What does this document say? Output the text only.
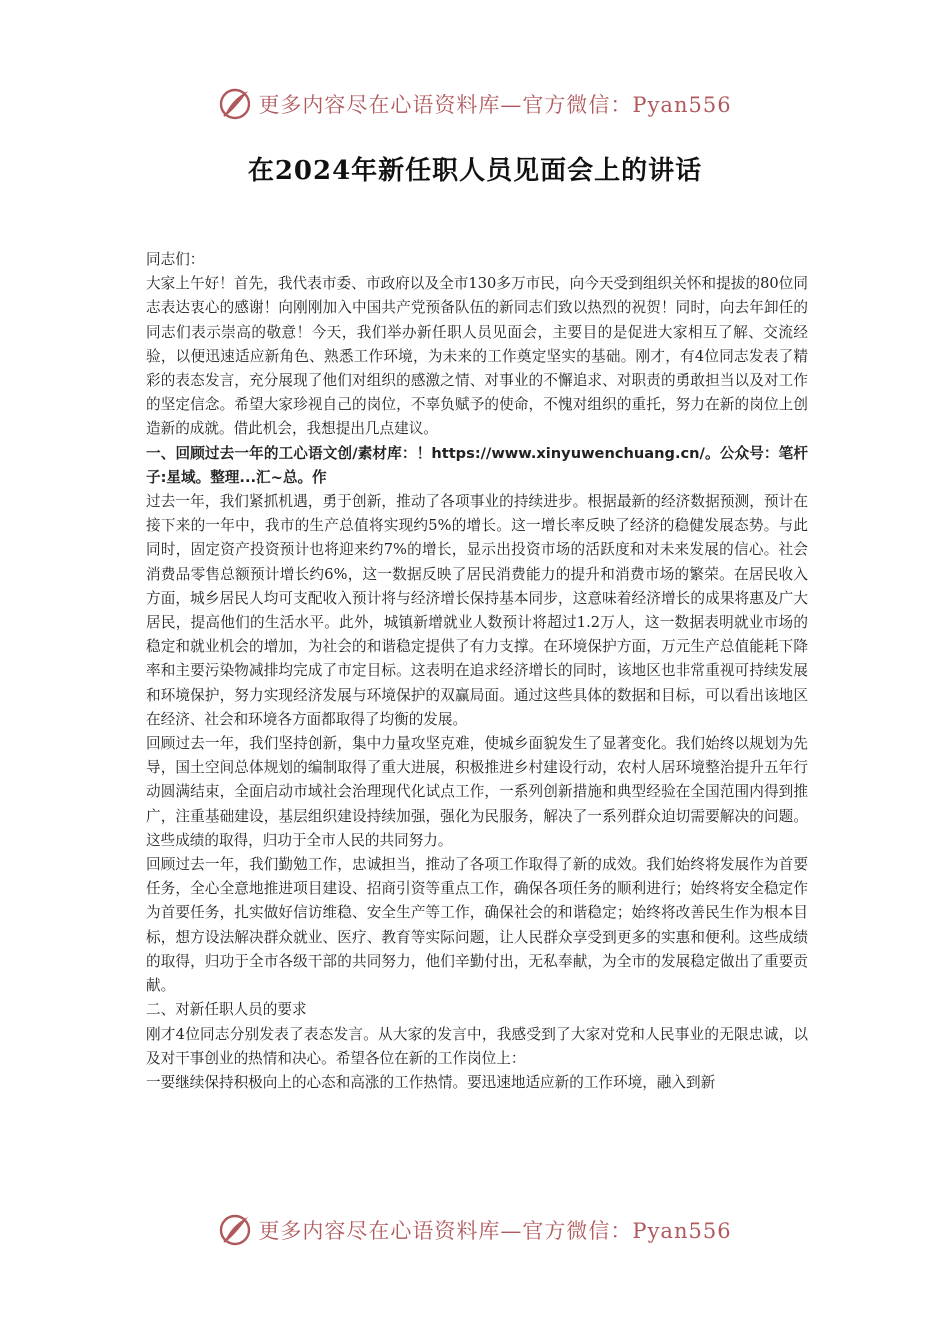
更多内容尽在心语资料库—官方微信：Pyan556
在2024年新任职人员见面会上的讲话

同志们：

大家上午好！首先，我代表市委、市政府以及全市130多万市民，向今天受到组织关怀和提拔的80位同志表达衷心的感谢！向刚刚加入中国共产党预备队伍的新同志们致以热烈的祝贺！同时，向去年卸任的同志们表示崇高的敬意！今天，我们举办新任职人员见面会，主要目的是促进大家相互了解、交流经验，以便迅速适应新角色、熟悉工作环境，为未来的工作奠定坚实的基础。刚才，有4位同志发表了精彩的表态发言，充分展现了他们对组织的感激之情、对事业的不懈追求、对职责的勇敢担当以及对工作的坚定信念。希望大家珍视自己的岗位，不辜负赋予的使命，不愧对组织的重托，努力在新的岗位上创造新的成就。借此机会，我想提出几点建议。

一、回顾过去一年的工心语文创/素材库：！https://www.xinyuwenchuang.cn/。公众号：笔杆子:星域。整理...汇~总。作

过去一年，我们紧抓机遇，勇于创新，推动了各项事业的持续进步。根据最新的经济数据预测，预计在接下来的一年中，我市的生产总值将实现约5%的增长。这一增长率反映了经济的稳健发展态势。与此同时，固定资产投资预计也将迎来约7%的增长，显示出投资市场的活跃度和对未来发展的信心。社会消费品零售总额预计增长约6%，这一数据反映了居民消费能力的提升和消费市场的繁荣。在居民收入方面，城乡居民人均可支配收入预计将与经济增长保持基本同步，这意味着经济增长的成果将惠及广大居民，提高他们的生活水平。此外，城镇新增就业人数预计将超过1.2万人，这一数据表明就业市场的稳定和就业机会的增加，为社会的和谐稳定提供了有力支撑。在环境保护方面，万元生产总值能耗下降率和主要污染物减排均完成了市定目标。这表明在追求经济增长的同时，该地区也非常重视可持续发展和环境保护，努力实现经济发展与环境保护的双赢局面。通过这些具体的数据和目标，可以看出该地区在经济、社会和环境各方面都取得了均衡的发展。

回顾过去一年，我们坚持创新，集中力量攻坚克难，使城乡面貌发生了显著变化。我们始终以规划为先导，国土空间总体规划的编制取得了重大进展，积极推进乡村建设行动，农村人居环境整治提升五年行动圆满结束，全面启动市域社会治理现代化试点工作，一系列创新措施和典型经验在全国范围内得到推广，注重基础建设，基层组织建设持续加强，强化为民服务，解决了一系列群众迫切需要解决的问题。这些成绩的取得，归功于全市人民的共同努力。

回顾过去一年，我们勤勉工作，忠诚担当，推动了各项工作取得了新的成效。我们始终将发展作为首要任务，全心全意地推进项目建设、招商引资等重点工作，确保各项任务的顺利进行；始终将安全稳定作为首要任务，扎实做好信访维稳、安全生产等工作，确保社会的和谐稳定；始终将改善民生作为根本目标，想方设法解决群众就业、医疗、教育等实际问题，让人民群众享受到更多的实惠和便利。这些成绩的取得，归功于全市各级干部的共同努力，他们辛勤付出，无私奉献，为全市的发展稳定做出了重要贡献。

二、对新任职人员的要求

刚才4位同志分别发表了表态发言。从大家的发言中，我感受到了大家对党和人民事业的无限忠诚，以及对干事创业的热情和决心。希望各位在新的工作岗位上：

一要继续保持积极向上的心态和高涨的工作热情。要迅速地适应新的工作环境，融入到新

更多内容尽在心语资料库—官方微信：Pyan556
